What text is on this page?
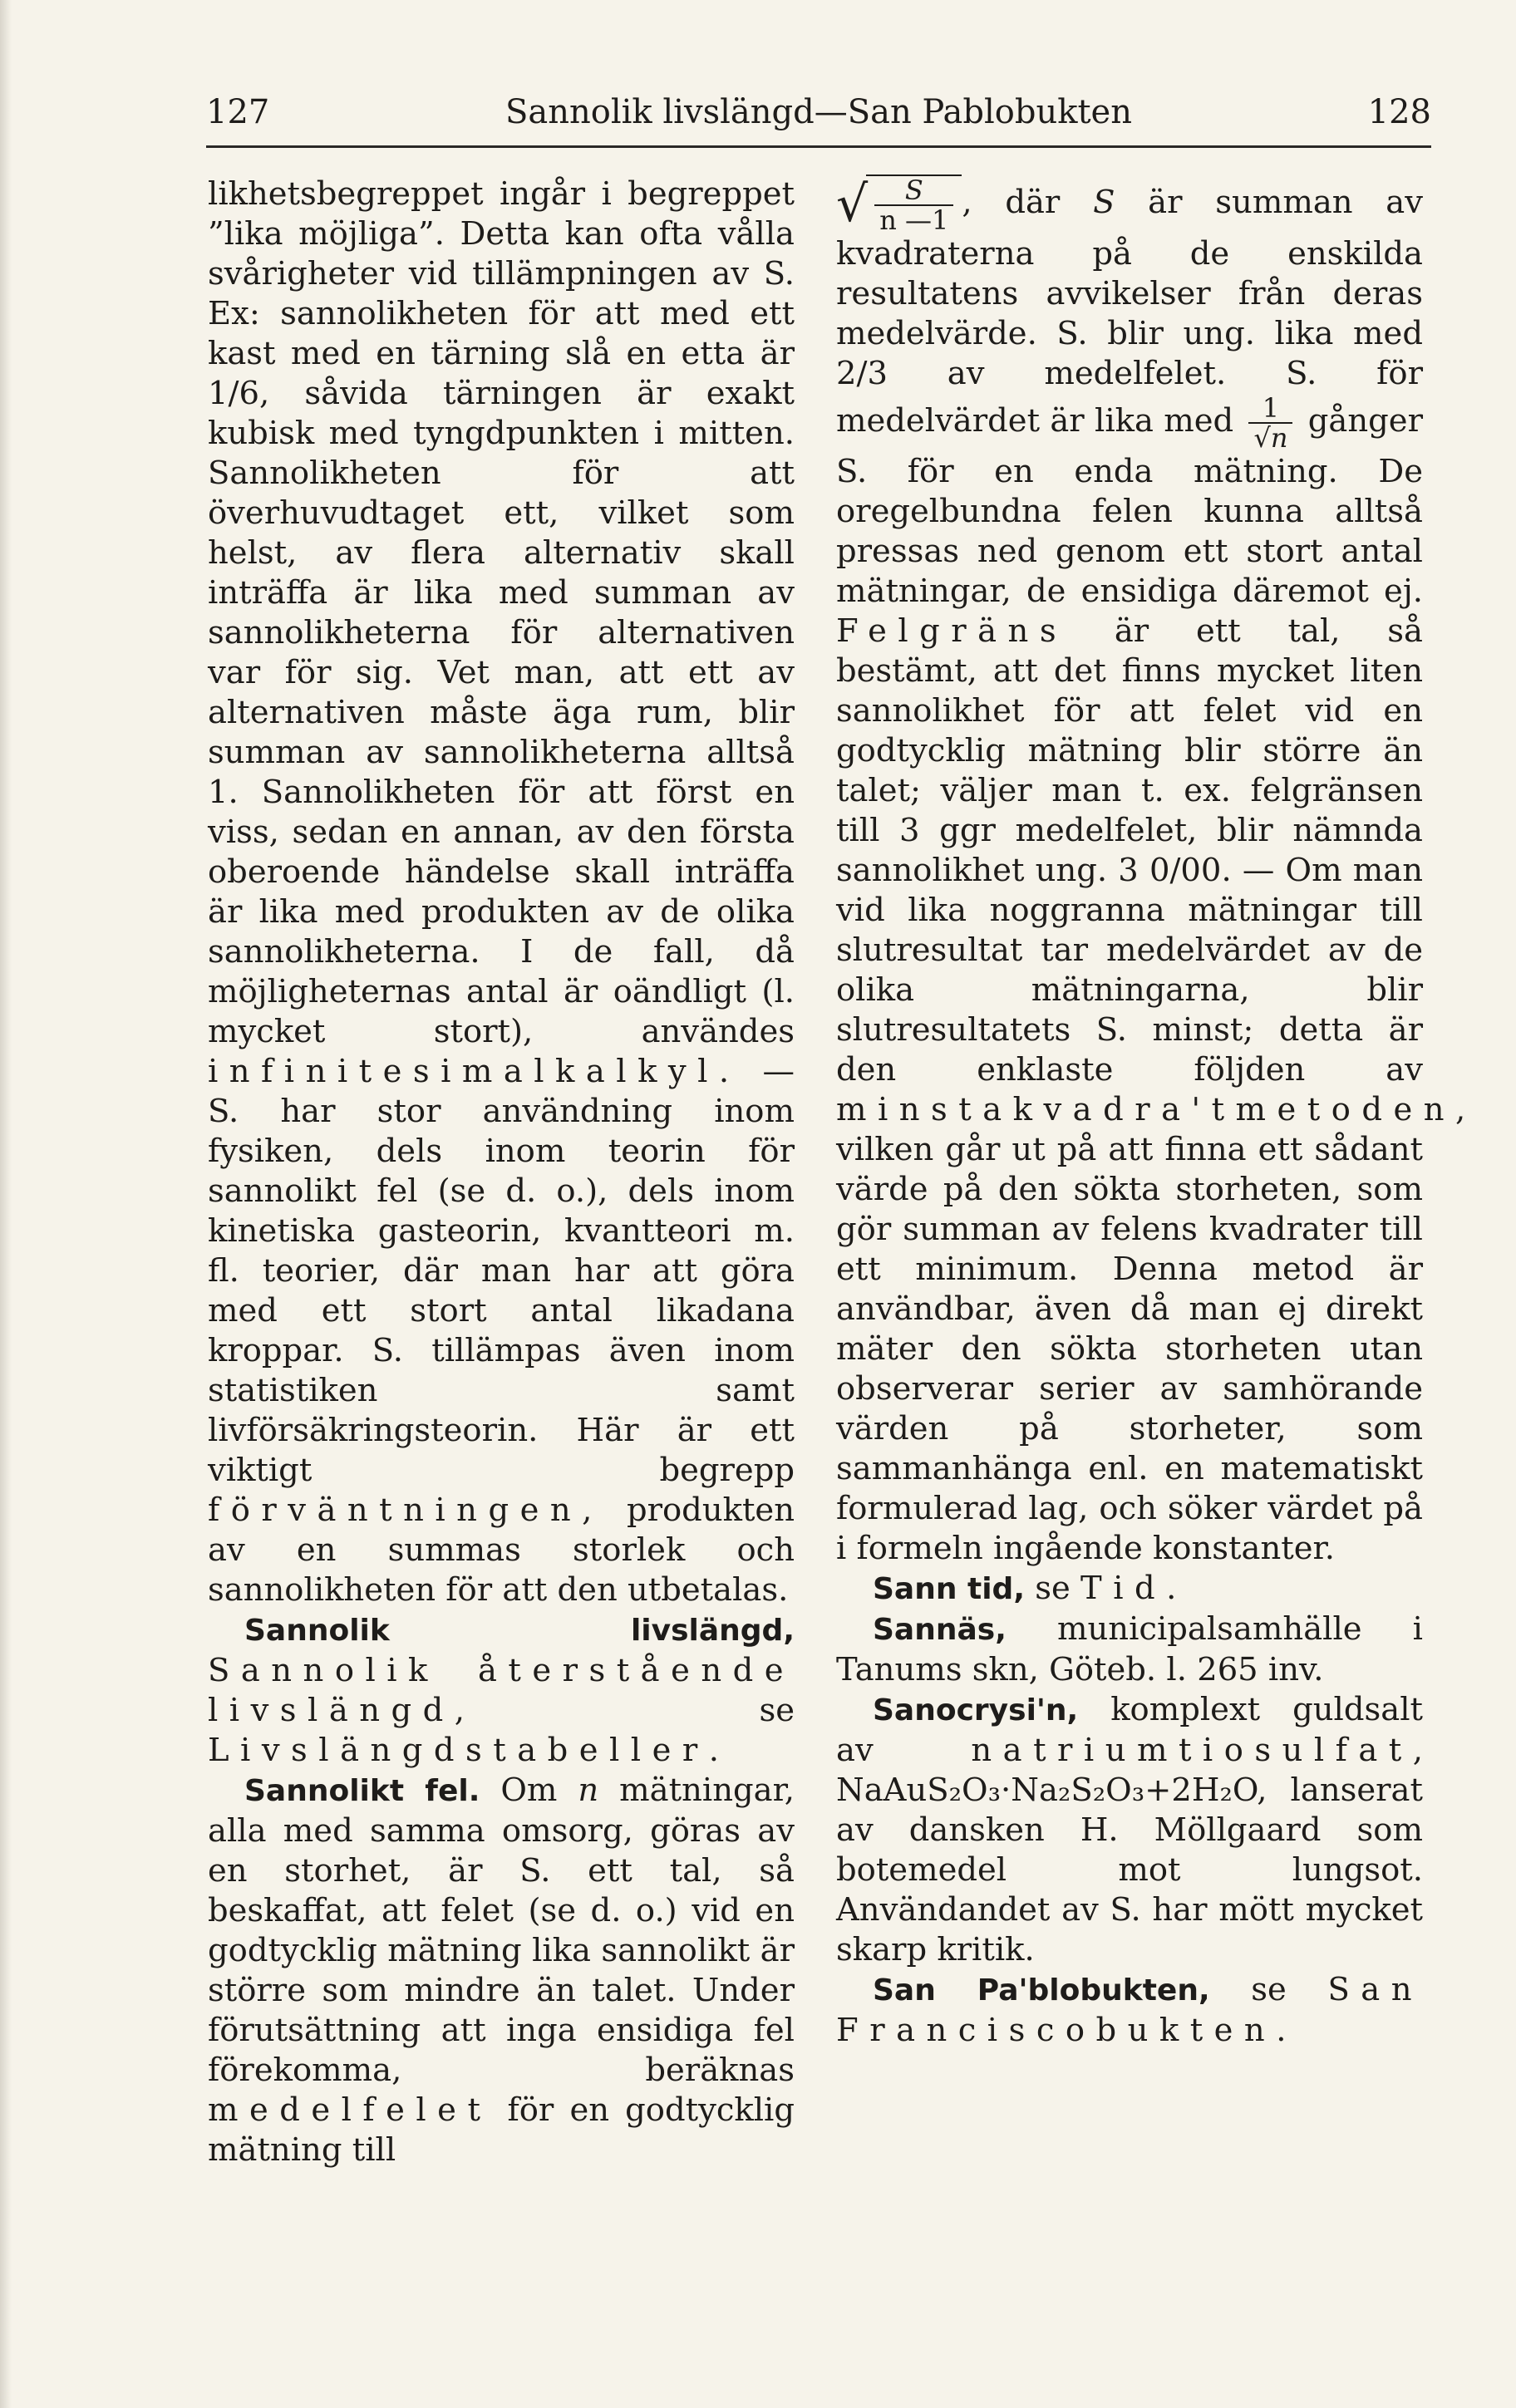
127	Sannolik livslängd—San Pablobukten	128

likhetsbegreppet ingår i begreppet ”lika möjliga”. Detta kan ofta vålla svårigheter vid tillämpningen av S. Ex: sannolikheten för att med ett kast med en tärning slå en etta är 1/6, såvida tärningen är exakt kubisk med tyngdpunkten i mitten. Sannolikheten för att överhuvudtaget ett, vilket som helst, av flera alternativ skall inträffa är lika med summan av sannolikheterna för alternativen var för sig. Vet man, att ett av alternativen måste äga rum, blir summan av sannolikheterna alltså 1. Sannolikheten för att först en viss, sedan en annan, av den första oberoende händelse skall inträffa är lika med produkten av de olika sannolikheterna. I de fall, då möjligheternas antal är oändligt (l. mycket stort), användes infinitesimalkalkyl. — S. har stor användning inom fysiken, dels inom teorin för sannolikt fel (se d. o.), dels inom kinetiska gasteorin, kvantteori m. fl. teorier, där man har att göra med ett stort antal likadana kroppar. S. tillämpas även inom statistiken samt livförsäkringsteorin. Här är ett viktigt begrepp förväntningen, produkten av en summas storlek och sannolikheten för att den utbetalas.

Sannolik livslängd, Sannolik återstående livslängd, se Livslängdstabeller.

Sannolikt fel. Om n mätningar, alla med samma omsorg, göras av en storhet, är S. ett tal, så beskaffat, att felet (se d. o.) vid en godtycklig mätning lika sannolikt är större som mindre än talet. Under förutsättning att inga ensidiga fel förekomma, beräknas medelfelet för en godtycklig mätning till

√ $\frac{S}{n —1}$ , där S är summan av kvadraterna på de enskilda resultatens avvikelser från deras medelvärde. S. blir ung. lika med 2/3 av medelfelet. S. för medelvärdet är lika med $\frac{1}{√n}$ gånger S. för en enda mätning. De oregelbundna felen kunna alltså pressas ned genom ett stort antal mätningar, de ensidiga däremot ej. Felgräns är ett tal, så bestämt, att det finns mycket liten sannolikhet för att felet vid en godtycklig mätning blir större än talet; väljer man t. ex. felgränsen till 3 ggr medelfelet, blir nämnda sannolikhet ung. 3 0/00. — Om man vid lika noggranna mätningar till slutresultat tar medelvärdet av de olika mätningarna, blir slutresultatets S. minst; detta är den enklaste följden av minstakvadra'tmetoden, vilken går ut på att finna ett sådant värde på den sökta storheten, som gör summan av felens kvadrater till ett minimum. Denna metod är användbar, även då man ej direkt mäter den sökta storheten utan observerar serier av samhörande värden på storheter, som sammanhänga enl. en matematiskt formulerad lag, och söker värdet på i formeln ingående konstanter.

Sann tid, se Tid.

Sannäs, municipalsamhälle i Tanums skn, Göteb. l. 265 inv.

Sanocrysi'n, komplext guldsalt av natriumtiosulfat, NaAuS₂O₃·Na₂S₂O₃+2H₂O, lanserat av dansken H. Möllgaard som botemedel mot lungsot. Användandet av S. har mött mycket skarp kritik.

San Pa'blobukten, se San Franciscobukten.
